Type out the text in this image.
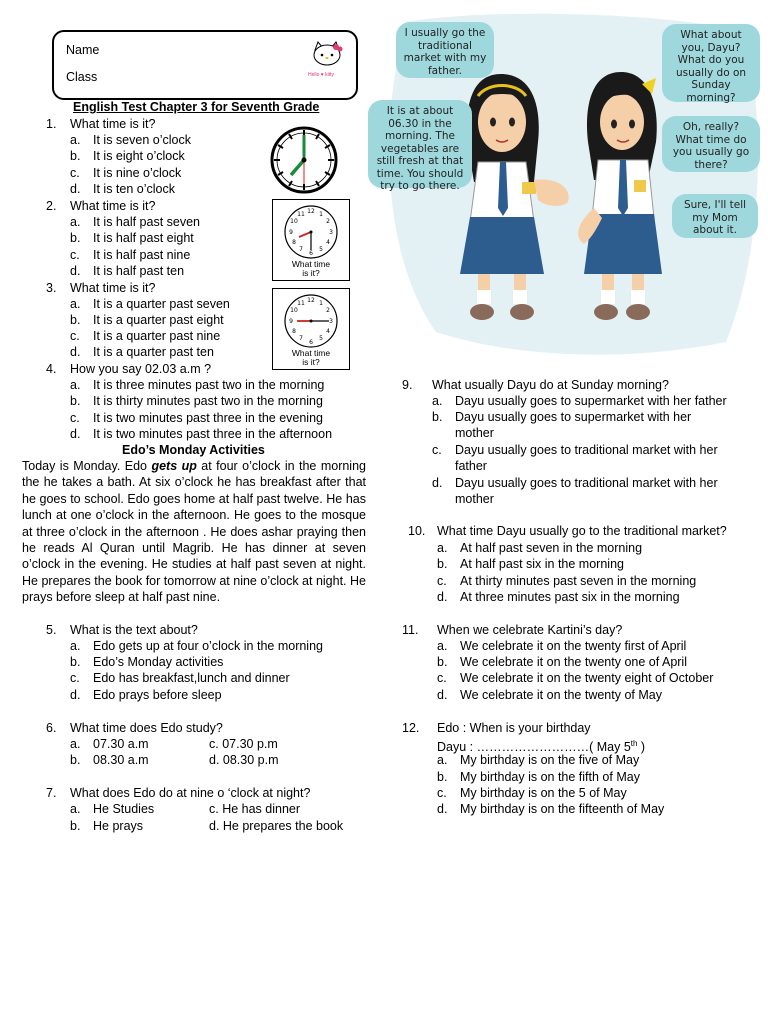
Name
Class	Hello ♥ kitty
English Test Chapter 3 for Seventh Grade
1. What time is it?
a. It is seven o’clock
b. It is eight o’clock
c. It is nine o’clock
d. It is ten o’clock
2. What time is it?
a. It is half past seven
b. It is half past eight
c. It is half past nine
d. It is half past ten
12 1
2
3
4
5
6
7
8
9
10
11
What time
is it?
3. What time is it?
a. It is a quarter past seven
b. It is a quarter past eight
c. It is a quarter past nine
d. It is a quarter past ten
12 1
2
3
4
5
6
7
8
9
10
11
What time
is it?
4. How you say 02.03 a.m ?
a. It is three minutes past two in the morning
b. It is thirty minutes past two in the morning
c. It is two minutes past three in the evening
d. It is two minutes past three in the afternoon
Edo’s Monday Activities
Today is Monday. Edo gets up at four o’clock in the morning the he takes a bath. At six o’clock he has breakfast after that he goes to school. Edo goes home at half past twelve. He has lunch at one o’clock in the afternoon. He goes to the mosque at three o’clock in the afternoon . He does ashar praying then he reads Al Quran until Magrib. He has dinner at seven o’clock in the evening. He studies at half past seven at night. He prepares the book for tomorrow at nine o’clock at night. He prays before sleep at half past nine.
5. What is the text about?
a. Edo gets up at four o’clock in the morning
b. Edo’s Monday activities
c. Edo has breakfast,lunch and dinner
d. Edo prays before sleep
6. What time does Edo study?
a. 07.30 a.m	c. 07.30 p.m
b. 08.30 a.m	d. 08.30 p.m
7. What does Edo do at nine o ‘clock at night?
a. He Studies	c. He has dinner
b. He prays	d. He prepares the book
I usually go the traditional market with my father.
It is at about 06.30 in the morning. The vegetables are still fresh at that time. You should try to go there.
What about you, Dayu? What do you usually do on Sunday morning?
Oh, really? What time do you usually go there?
Sure, I'll tell my Mom about it.
9. What usually Dayu do at Sunday morning?
a. Dayu usually goes to supermarket with her father
b. Dayu usually goes to supermarket with her
mother
c. Dayu usually goes to traditional market with her
father
d. Dayu usually goes to traditional market with her
mother
10. What time Dayu usually go to the traditional market?
a. At half past seven in the morning
b. At half past six in the morning
c. At thirty minutes past seven in the morning
d. At three minutes past six in the morning
11. When we celebrate Kartini’s day?
a. We celebrate it on the twenty first of April
b. We celebrate it on the twenty one of April
c. We celebrate it on the twenty eight of October
d. We celebrate it on the twenty of May
12. Edo : When is your birthday
Dayu : ………………………( May 5th )
a. My birthday is on the five of May
b. My birthday is on the fifth of May
c. My birthday is on the 5 of May
d. My birthday is on the fifteenth of May
